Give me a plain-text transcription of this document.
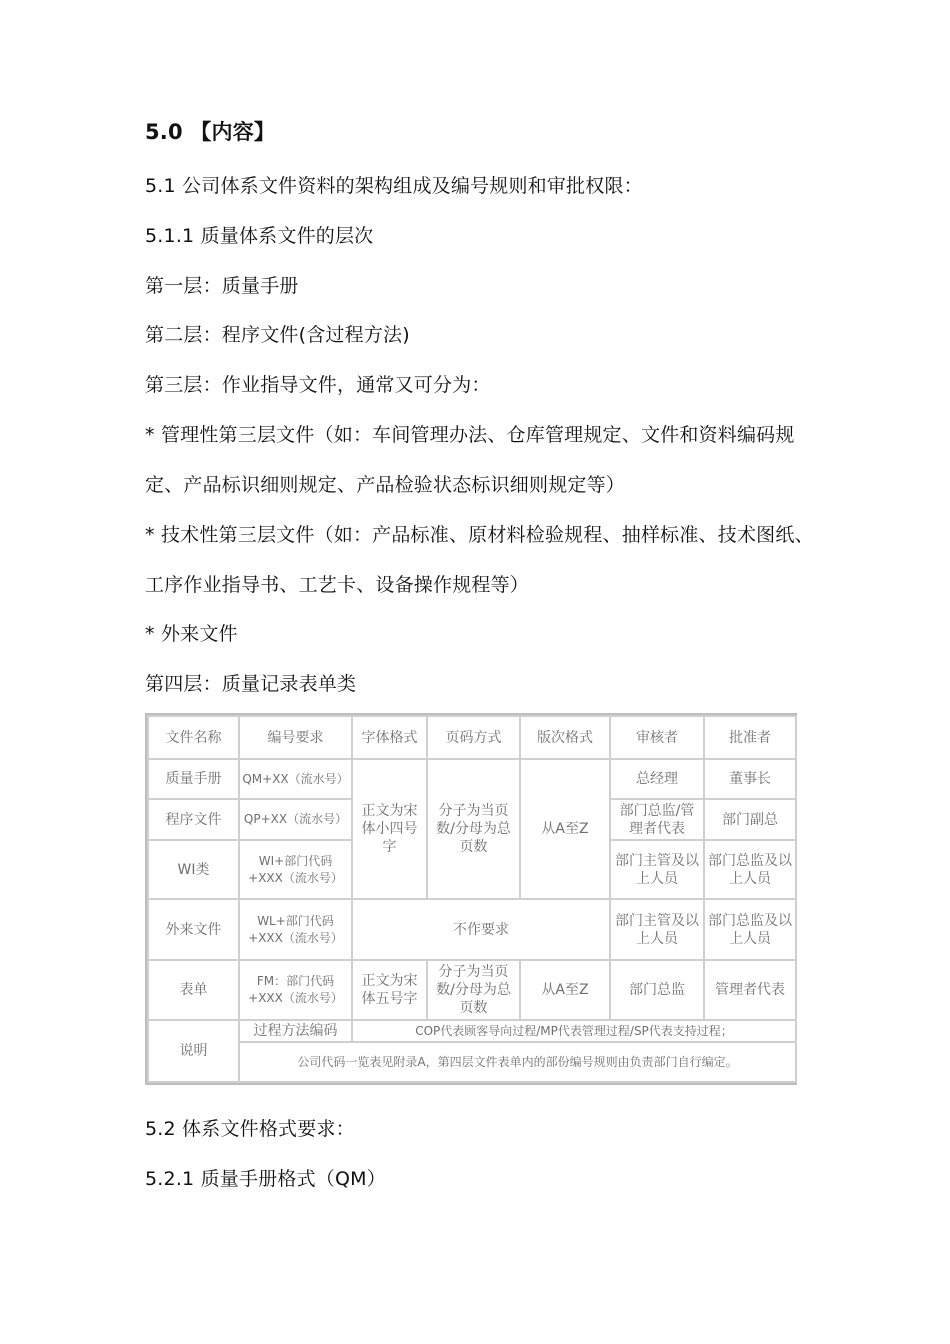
5.0 【内容】
5.1 公司体系文件资料的架构组成及编号规则和审批权限：
5.1.1 质量体系文件的层次
第一层：质量手册
第二层：程序文件(含过程方法)
第三层：作业指导文件，通常又可分为：
* 管理性第三层文件（如：车间管理办法、仓库管理规定、文件和资料编码规
定、产品标识细则规定、产品检验状态标识细则规定等）
* 技术性第三层文件（如：产品标准、原材料检验规程、抽样标准、技术图纸、
工序作业指导书、工艺卡、设备操作规程等）
* 外来文件
第四层：质量记录表单类
文件名称	编号要求	字体格式	页码方式	版次格式	审核者	批准者
质量手册	QM+XX（流水号）	正文为宋体小四号字	分子为当页数/分母为总页数	从A至Z	总经理	董事长
程序文件	QP+XX（流水号）				部门总监/管理者代表	部门副总
WI类	WI+部门代码+XXX（流水号）				部门主管及以上人员	部门总监及以上人员
外来文件	WL+部门代码+XXX（流水号）	不作要求			部门主管及以上人员	部门总监及以上人员
表单	FM：部门代码+XXX（流水号）	正文为宋体五号字	分子为当页数/分母为总页数	从A至Z	部门总监	管理者代表
说明	过程方法编码	COP代表顾客导向过程/MP代表管理过程/SP代表支持过程；				
	公司代码一览表见附录A，第四层文件表单内的部份编号规则由负责部门自行编定。					
5.2 体系文件格式要求：
5.2.1 质量手册格式（QM）
